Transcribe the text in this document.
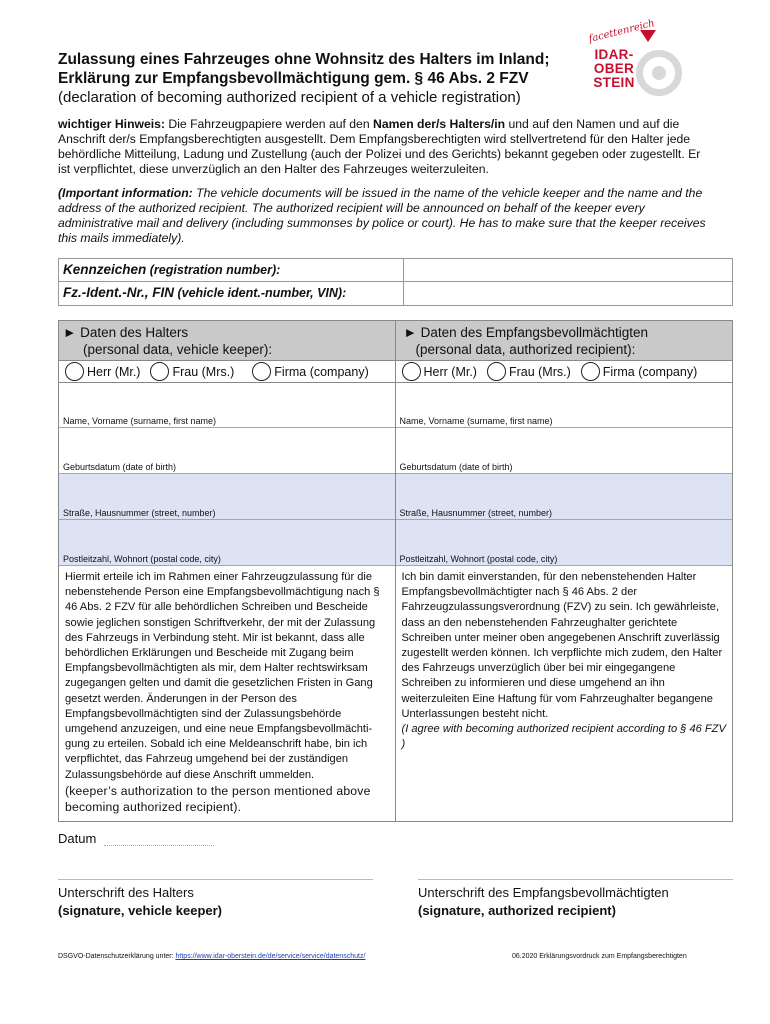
Zulassung eines Fahrzeuges ohne Wohnsitz des Halters im Inland;
Erklärung zur Empfangsbevollmächtigung gem. § 46 Abs. 2 FZV
(declaration of becoming authorized recipient of a vehicle registration)
facettenreich
IDAR-
OBER
STEIN
wichtiger Hinweis: Die Fahrzeugpapiere werden auf den Namen der/s Halters/in und auf den Namen und auf die Anschrift der/s Empfangsberechtigten ausgestellt. Dem Empfangsberechtigten wird stellvertretend für den Halter jede behördliche Mitteilung, Ladung und Zustellung (auch der Polizei und des Gerichts) bekannt gegeben oder zugestellt. Er ist verpflichtet, diese unverzüglich an den Halter des Fahrzeuges weiterzuleiten.
(Important information: The vehicle documents will be issued in the name of the vehicle keeper and the name and the address of the authorized recipient. The authorized recipient will be announced on behalf of the keeper every administrative mail and delivery (including summonses by police or court). He has to make sure that the keeper receives this mails immediately).
Kennzeichen (registration number):
Fz.-Ident.-Nr., FIN (vehicle ident.-number, VIN):
► Daten des Halters
(personal data, vehicle keeper):
Herr (Mr.)	Frau (Mrs.)	Firma (company)
Name, Vorname (surname, first name)
Geburtsdatum (date of birth)
Straße, Hausnummer (street, number)
Postleitzahl, Wohnort (postal code, city)
Hiermit erteile ich im Rahmen einer Fahrzeugzulassung für die nebenstehende Person eine Empfangsbevollmächtigung nach § 46 Abs. 2 FZV für alle behördlichen Schreiben und Bescheide sowie jeglichen sonstigen Schriftverkehr, der mit der Zulassung des Fahrzeugs in Verbindung steht. Mir ist bekannt, dass alle behördlichen Erklärungen und Bescheide mit Zugang beim Empfangsbevollmächtigten als mir, dem Halter rechtswirksam zugegangen gelten und damit die gesetzlichen Fristen in Gang gesetzt werden. Änderungen in der Person des Empfangsbevollmächtigten sind der Zulassungsbehörde umgehend anzuzeigen, und eine neue Empfangsbevollmächti-gung zu erteilen. Sobald ich eine Meldeanschrift habe, bin ich verpflichtet, das Fahrzeug umgehend bei der zuständigen Zulassungsbehörde auf diese Anschrift ummelden.
(keeper’s authorization to the person mentioned above becoming authorized recipient).
► Daten des Empfangsbevollmächtigten
(personal data, authorized recipient):
Herr (Mr.)	Frau (Mrs.)	Firma (company)
Name, Vorname (surname, first name)
Geburtsdatum (date of birth)
Straße, Hausnummer (street, number)
Postleitzahl, Wohnort (postal code, city)
Ich bin damit einverstanden, für den nebenstehenden Halter Empfangsbevollmächtigter nach § 46 Abs. 2 der Fahrzeugzulassungsverordnung (FZV) zu sein. Ich gewährleiste, dass an den nebenstehenden Fahrzeughalter gerichtete Schreiben unter meiner oben angegebenen Anschrift zuverlässig zugestellt werden können. Ich verpflichte mich zudem, den Halter des Fahrzeugs unverzüglich über bei mir eingegangene Schreiben zu informieren und diese umgehend an ihn weiterzuleiten Eine Haftung für vom Fahrzeughalter begangene Unterlassungen besteht nicht.
(I agree with becoming authorized recipient according to § 46 FZV )
Datum
Unterschrift des Halters
(signature, vehicle keeper)
Unterschrift des Empfangsbevollmächtigten
(signature, authorized recipient)
DSGVO-Datenschutzerklärung unter: https://www.idar-oberstein.de/de/service/service/datenschutz/	06.2020 Erklärungsvordruck zum Empfangsberechtigten
